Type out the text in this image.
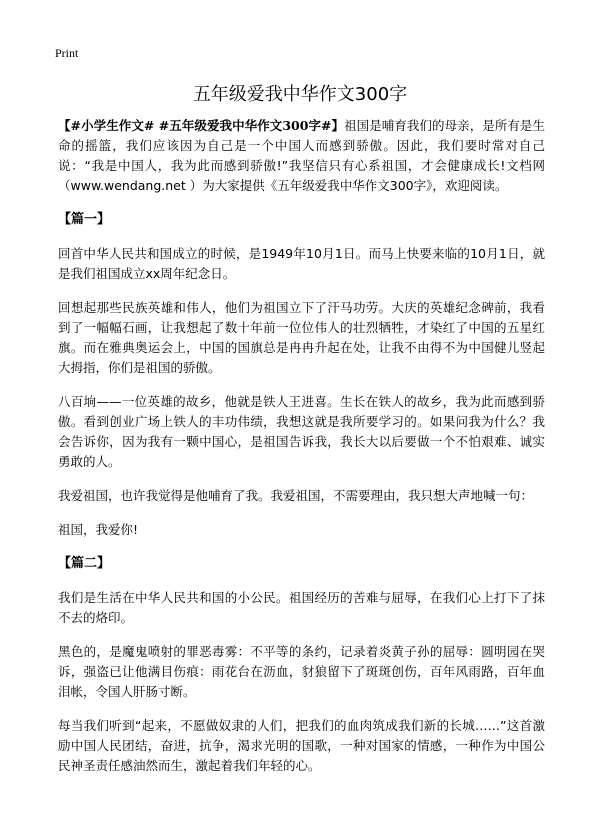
Print
五年级爱我中华作文300字

【#小学生作文# #五年级爱我中华作文300字#】祖国是哺育我们的母亲，是所有是生命的摇篮，我们应该因为自己是一个中国人而感到骄傲。因此，我们要时常对自己说：“我是中国人，我为此而感到骄傲!”我坚信只有心系祖国，才会健康成长!文档网（www.wendang.net ）为大家提供《五年级爱我中华作文300字》，欢迎阅读。

【篇一】

回首中华人民共和国成立的时候，是1949年10月1日。而马上快要来临的10月1日，就是我们祖国成立xx周年纪念日。

回想起那些民族英雄和伟人，他们为祖国立下了汗马功劳。大庆的英雄纪念碑前，我看到了一幅幅石画，让我想起了数十年前一位位伟人的壮烈牺牲，才染红了中国的五星红旗。而在雅典奥运会上，中国的国旗总是冉冉升起在处，让我不由得不为中国健儿竖起大拇指，你们是祖国的骄傲。

八百垧——一位英雄的故乡，他就是铁人王进喜。生长在铁人的故乡，我为此而感到骄傲。看到创业广场上铁人的丰功伟绩，我想这就是我所要学习的。如果问我为什么？我会告诉你，因为我有一颗中国心，是祖国告诉我，我长大以后要做一个不怕艰难、诚实勇敢的人。

我爱祖国，也许我觉得是他哺育了我。我爱祖国，不需要理由，我只想大声地喊一句：

祖国，我爱你!

【篇二】

我们是生活在中华人民共和国的小公民。祖国经历的苦难与屈辱，在我们心上打下了抹不去的烙印。

黑色的，是魔鬼喷射的罪恶毒雾：不平等的条约，记录着炎黄子孙的屈辱：圆明园在哭诉，强盗已让他满目伤痕：雨花台在沥血，豺狼留下了斑斑创伤，百年风雨路，百年血泪帐，令国人肝肠寸断。

每当我们听到“起来，不愿做奴隶的人们，把我们的血肉筑成我们新的长城……”这首激励中国人民团结，奋进，抗争，渴求光明的国歌，一种对国家的情感，一种作为中国公民神圣责任感油然而生，激起着我们年轻的心。
